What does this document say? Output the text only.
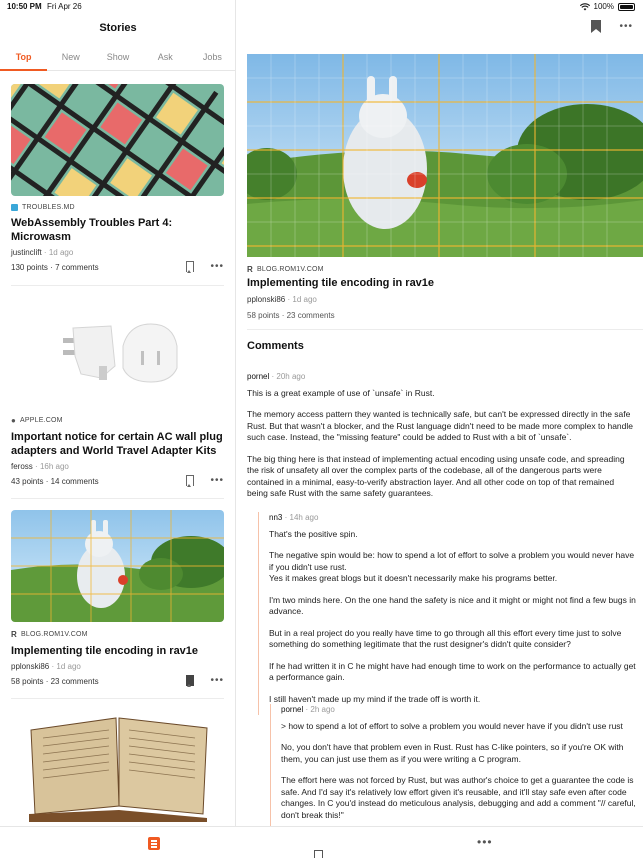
10:50 PM Fri Apr 26	100%
Stories
Top	New	Show	Ask	Jobs
TROUBLES.MD
WebAssembly Troubles Part 4: Microwasm
justinclift · 1d ago
130 points · 7 comments	•••
● APPLE.COM
Important notice for certain AC wall plug adapters and World Travel Adapter Kits
feross · 16h ago
43 points · 14 comments	•••
R BLOG.ROM1V.COM
Implementing tile encoding in rav1e
pplonski86 · 1d ago
58 points · 23 comments	•••
•••
R BLOG.ROM1V.COM
Implementing tile encoding in rav1e
pplonski86 · 1d ago
58 points · 23 comments
Comments
pornel · 20h ago

This is a great example of use of `unsafe` in Rust.

The memory access pattern they wanted is technically safe, but can't be expressed directly in the safe Rust. But that wasn't a blocker, and the Rust language didn't need to be made more complex to handle such case. Instead, the "missing feature" could be added to Rust with a bit of `unsafe`.

The big thing here is that instead of implementing actual encoding using unsafe code, and spreading the risk of unsafety all over the complex parts of the codebase, all of the dangerous parts were contained in a minimal, easy-to-verify abstraction layer. And all other code on top of that remained being safe Rust with the same safety guarantees.

nn3 · 14h ago

That's the positive spin.

The negative spin would be: how to spend a lot of effort to solve a problem you would never have if you didn't use rust.
Yes it makes great blogs but it doesn't necessarily make his programs better.

I'm two minds here. On the one hand the safety is nice and it might or might not find a few bugs in advance.

But in a real project do you really have time to go through all this effort every time just to solve something do something legitimate that the rust designer's didn't quite consider?

If he had written it in C he might have had enough time to work on the performance to actually get a performance gain.

I still haven't made up my mind if the trade off is worth it.

pornel · 2h ago

> how to spend a lot of effort to solve a problem you would never have if you didn't use rust

No, you don't have that problem even in Rust. Rust has C-like pointers, so if you're OK with them, you can just use them as if you were writing a C program.

The effort here was not forced by Rust, but was author's choice to get a guarantee the code is safe. And I'd say it's relatively low effort given it's reusable, and it'll stay safe even after code changes. In C you'd instead do meticulous analysis, debugging and add a comment "// careful, don't break this!"

•••
